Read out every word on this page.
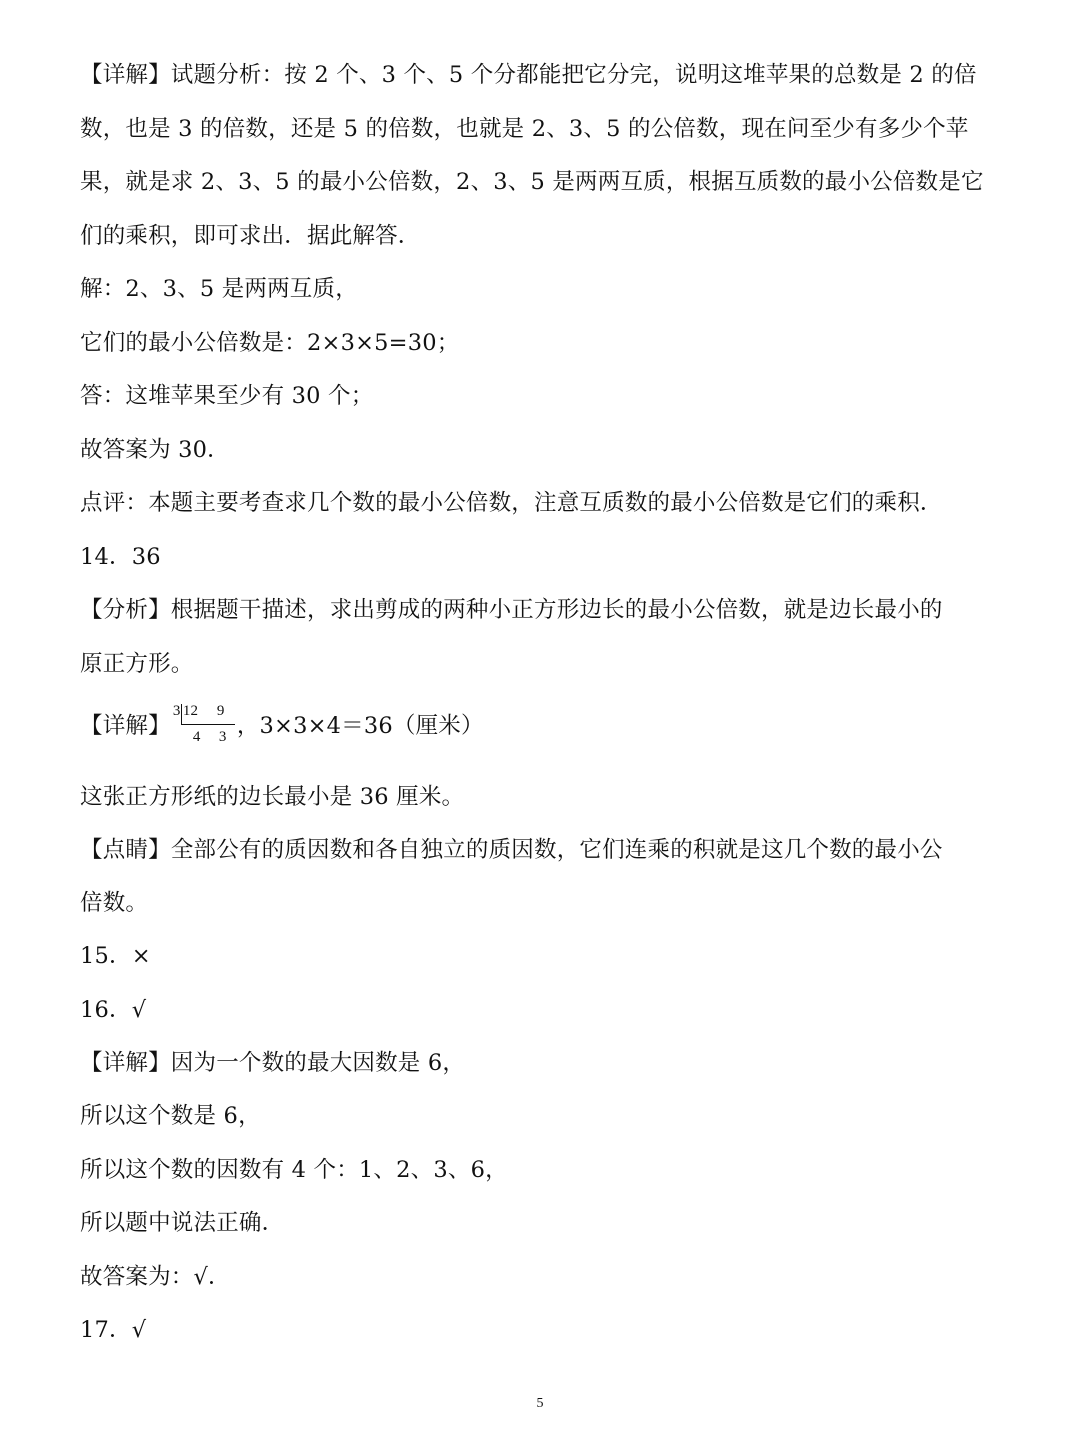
【详解】试题分析：按 2 个、3 个、5 个分都能把它分完，说明这堆苹果的总数是 2 的倍
数，也是 3 的倍数，还是 5 的倍数，也就是 2、3、5 的公倍数，现在问至少有多少个苹
果，就是求 2、3、5 的最小公倍数，2、3、5 是两两互质，根据互质数的最小公倍数是它
们的乘积，即可求出．据此解答．
解：2、3、5 是两两互质，
它们的最小公倍数是：2×3×5=30；
答：这堆苹果至少有 30 个；
故答案为 30．
点评：本题主要考查求几个数的最小公倍数，注意互质数的最小公倍数是它们的乘积．
14．36
【分析】根据题干描述，求出剪成的两种小正方形边长的最小公倍数，就是边长最小的
原正方形。
【详解】
3 12 9
4 3 ，3×3×4＝36（厘米）
这张正方形纸的边长最小是 36 厘米。
【点睛】全部公有的质因数和各自独立的质因数，它们连乘的积就是这几个数的最小公
倍数。
15．×
16．√
【详解】因为一个数的最大因数是 6，
所以这个数是 6，
所以这个数的因数有 4 个：1、2、3、6，
所以题中说法正确．
故答案为：√．
17．√
5
